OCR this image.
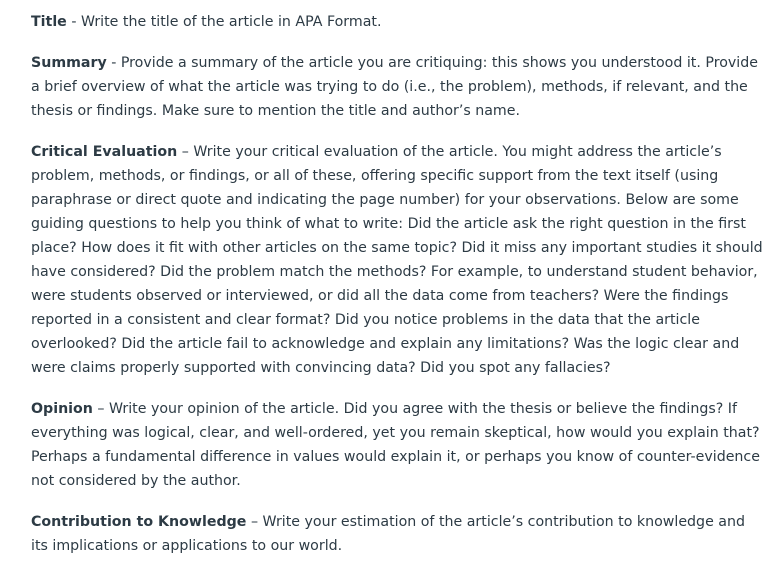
Title - Write the title of the article in APA Format.

Summary - Provide a summary of the article you are critiquing: this shows you understood it. Provide a brief overview of what the article was trying to do (i.e., the problem), methods, if relevant, and the thesis or findings. Make sure to mention the title and author’s name.

Critical Evaluation – Write your critical evaluation of the article. You might address the article’s problem, methods, or findings, or all of these, offering specific support from the text itself (using paraphrase or direct quote and indicating the page number) for your observations. Below are some guiding questions to help you think of what to write: Did the article ask the right question in the first place? How does it fit with other articles on the same topic? Did it miss any important studies it should have considered? Did the problem match the methods? For example, to understand student behavior, were students observed or interviewed, or did all the data come from teachers? Were the findings reported in a consistent and clear format? Did you notice problems in the data that the article overlooked? Did the article fail to acknowledge and explain any limitations? Was the logic clear and were claims properly supported with convincing data? Did you spot any fallacies?

Opinion – Write your opinion of the article. Did you agree with the thesis or believe the findings? If everything was logical, clear, and well-ordered, yet you remain skeptical, how would you explain that? Perhaps a fundamental difference in values would explain it, or perhaps you know of counter-evidence not considered by the author.

Contribution to Knowledge – Write your estimation of the article’s contribution to knowledge and its implications or applications to our world.
